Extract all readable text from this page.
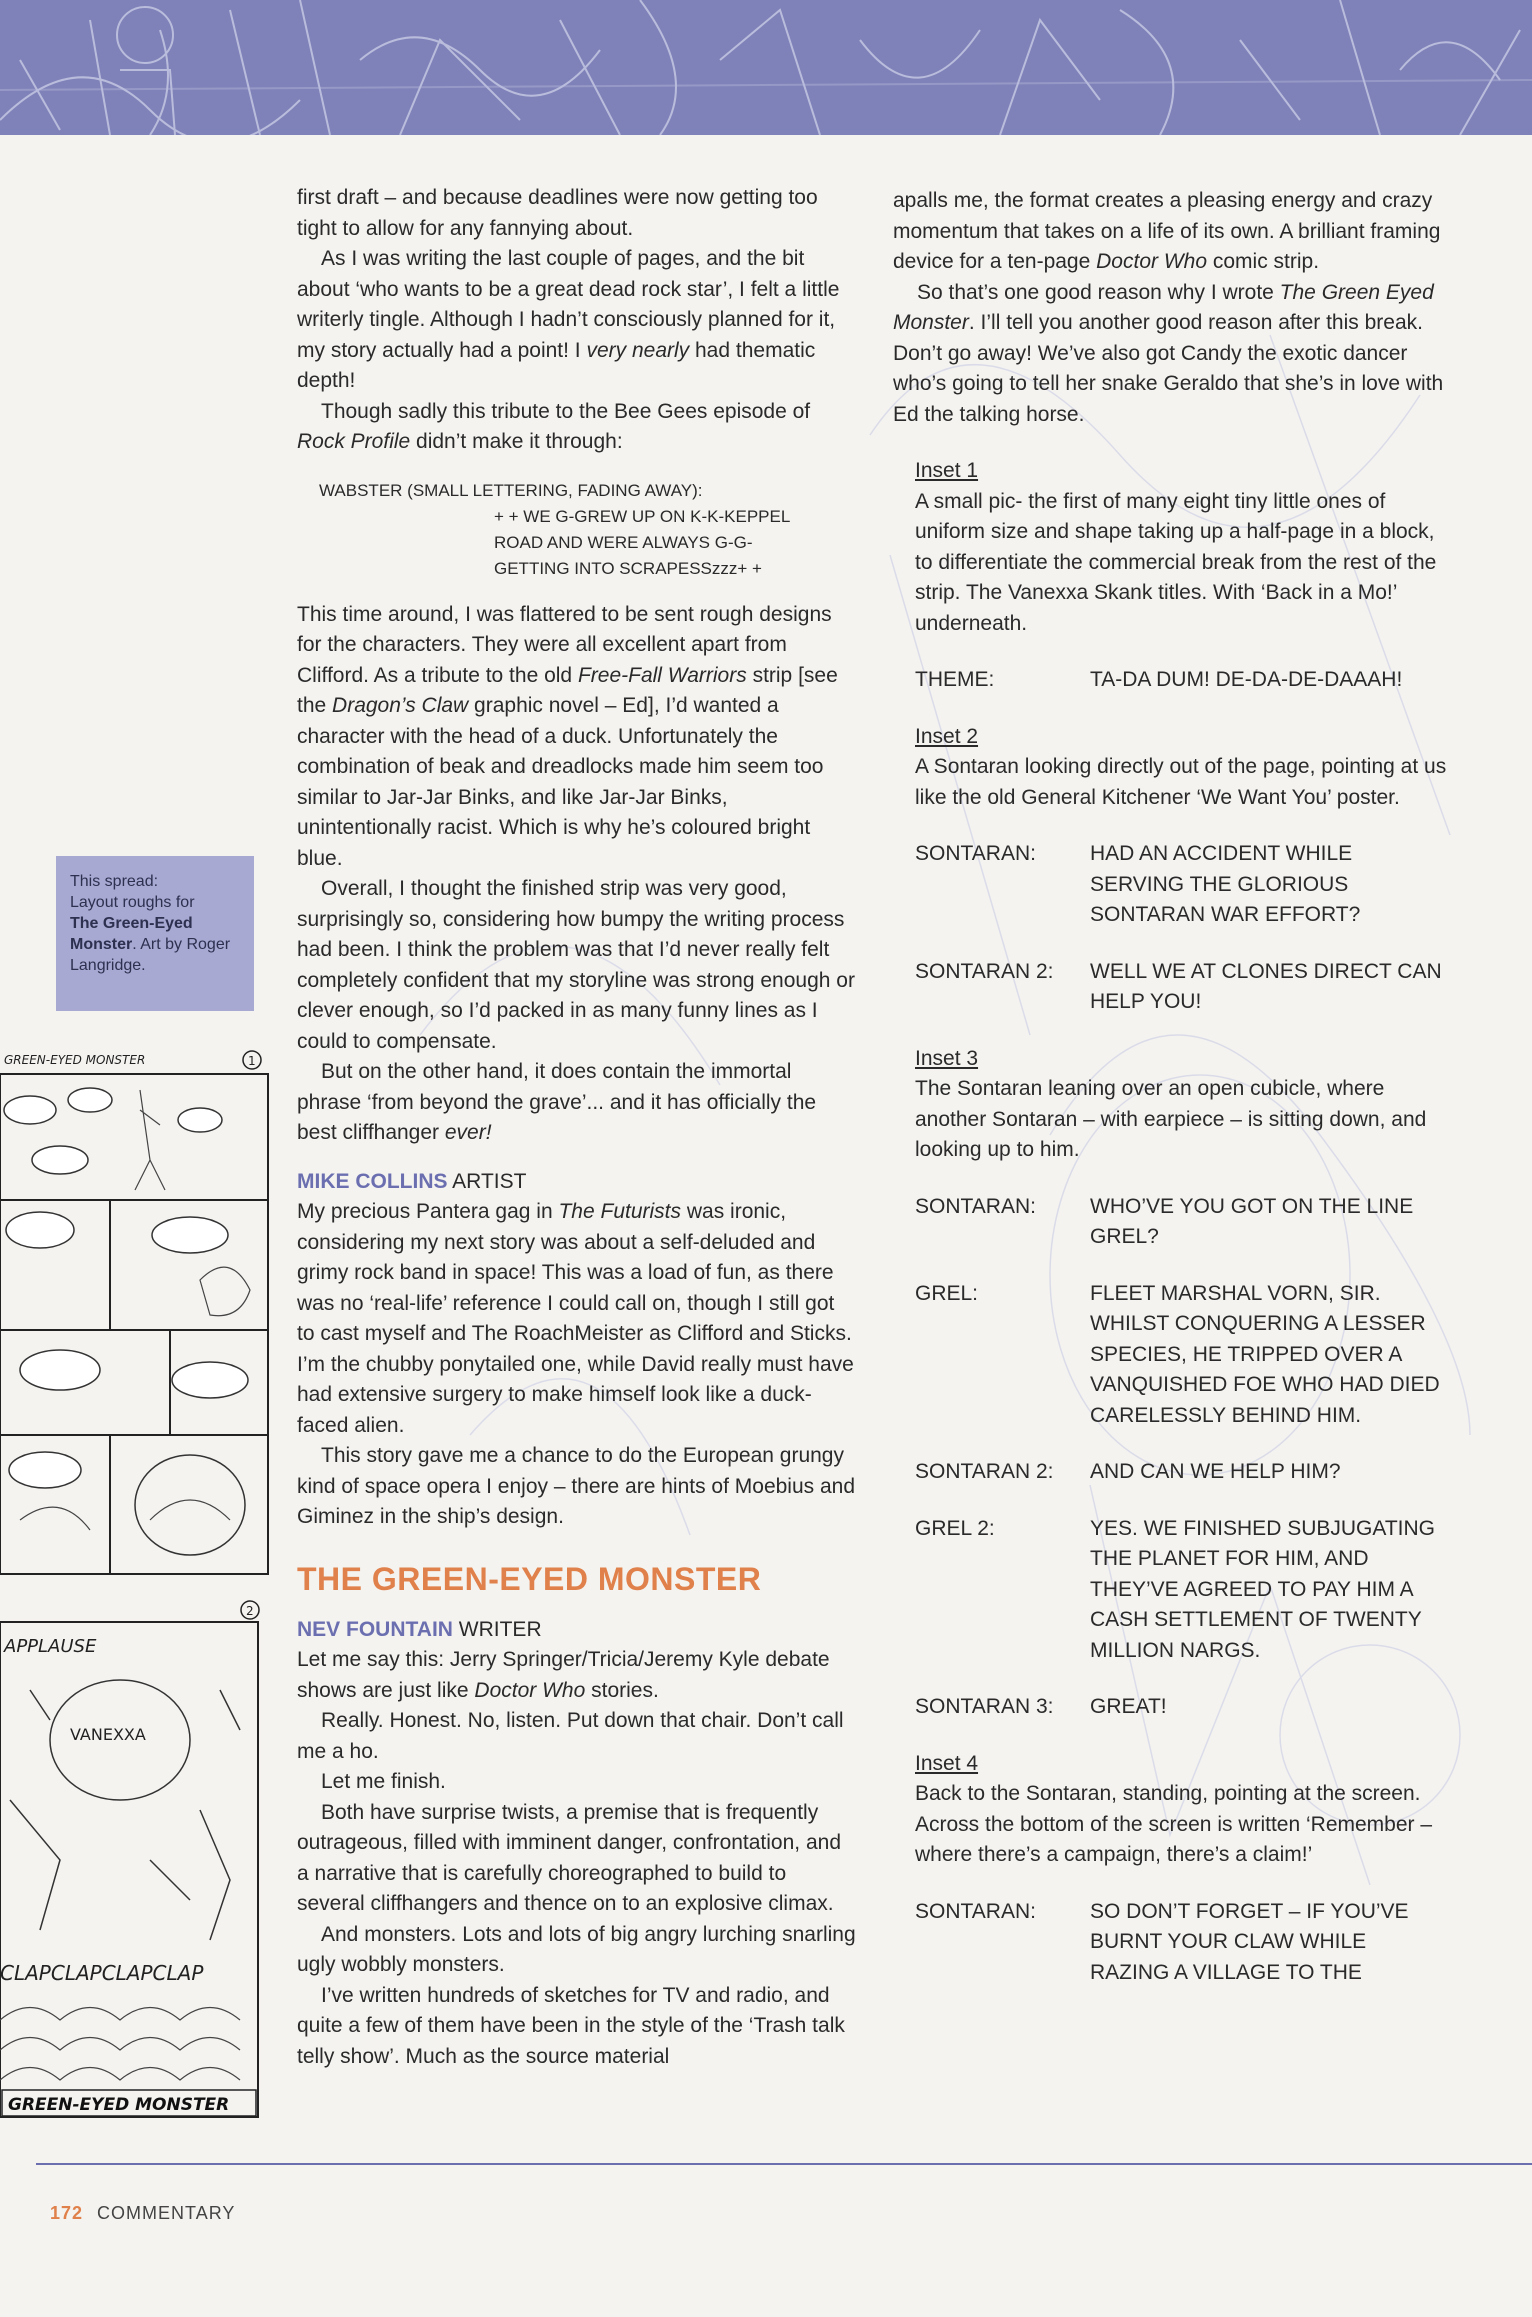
first draft – and because deadlines were now getting too tight to allow for any fannying about.

As I was writing the last couple of pages, and the bit about ‘who wants to be a great dead rock star’, I felt a little writerly tingle. Although I hadn’t consciously planned for it, my story actually had a point! I very nearly had thematic depth!

Though sadly this tribute to the Bee Gees episode of Rock Profile didn’t make it through:

WABSTER (SMALL LETTERING, FADING AWAY):
+ + WE G-GREW UP ON K-K-KEPPEL
ROAD AND WERE ALWAYS G-G-
GETTING INTO SCRAPESSzzz+ +

This time around, I was flattered to be sent rough designs for the characters. They were all excellent apart from Clifford. As a tribute to the old Free-Fall Warriors strip [see the Dragon’s Claw graphic novel – Ed], I’d wanted a character with the head of a duck. Unfortunately the combination of beak and dreadlocks made him seem too similar to Jar-Jar Binks, and like Jar-Jar Binks, unintentionally racist. Which is why he’s coloured bright blue.

Overall, I thought the finished strip was very good, surprisingly so, considering how bumpy the writing process had been. I think the problem was that I’d never really felt completely confident that my storyline was strong enough or clever enough, so I’d packed in as many funny lines as I could to compensate.

But on the other hand, it does contain the immortal phrase ‘from beyond the grave’... and it has officially the best cliffhanger ever!

MIKE COLLINS ARTIST

My precious Pantera gag in The Futurists was ironic, considering my next story was about a self-deluded and grimy rock band in space! This was a load of fun, as there was no ‘real-life’ reference I could call on, though I still got to cast myself and The RoachMeister as Clifford and Sticks. I’m the chubby ponytailed one, while David really must have had extensive surgery to make himself look like a duck-faced alien.

This story gave me a chance to do the European grungy kind of space opera I enjoy – there are hints of Moebius and Giminez in the ship’s design.

THE GREEN-EYED MONSTER

NEV FOUNTAIN WRITER

Let me say this: Jerry Springer/Tricia/Jeremy Kyle debate shows are just like Doctor Who stories.

Really. Honest. No, listen. Put down that chair. Don’t call me a ho.

Let me finish.

Both have surprise twists, a premise that is frequently outrageous, filled with imminent danger, confrontation, and a narrative that is carefully choreographed to build to several cliffhangers and thence on to an explosive climax.

And monsters. Lots and lots of big angry lurching snarling ugly wobbly monsters.

I’ve written hundreds of sketches for TV and radio, and quite a few of them have been in the style of the ‘Trash talk telly show’. Much as the source material

apalls me, the format creates a pleasing energy and crazy momentum that takes on a life of its own. A brilliant framing device for a ten-page Doctor Who comic strip.

So that’s one good reason why I wrote The Green Eyed Monster. I’ll tell you another good reason after this break. Don’t go away! We’ve also got Candy the exotic dancer who’s going to tell her snake Geraldo that she’s in love with Ed the talking horse.

Inset 1

A small pic- the first of many eight tiny little ones of uniform size and shape taking up a half-page in a block, to differentiate the commercial break from the rest of the strip. The Vanexxa Skank titles. With ‘Back in a Mo!’ underneath.

THEME:	TA-DA DUM! DE-DA-DE-DAAAH!

Inset 2

A Sontaran looking directly out of the page, pointing at us like the old General Kitchener ‘We Want You’ poster.

SONTARAN:	HAD AN ACCIDENT WHILE SERVING THE GLORIOUS SONTARAN WAR EFFORT?
SONTARAN 2:	WELL WE AT CLONES DIRECT CAN HELP YOU!

Inset 3

The Sontaran leaning over an open cubicle, where another Sontaran – with earpiece – is sitting down, and looking up to him.

SONTARAN:	WHO’VE YOU GOT ON THE LINE GREL?
GREL:	FLEET MARSHAL VORN, SIR. WHILST CONQUERING A LESSER SPECIES, HE TRIPPED OVER A VANQUISHED FOE WHO HAD DIED CARELESSLY BEHIND HIM.
SONTARAN 2:	AND CAN WE HELP HIM?
GREL 2:	YES. WE FINISHED SUBJUGATING THE PLANET FOR HIM, AND THEY’VE AGREED TO PAY HIM A CASH SETTLEMENT OF TWENTY MILLION NARGS.
SONTARAN 3:	GREAT!

Inset 4

Back to the Sontaran, standing, pointing at the screen. Across the bottom of the screen is written ‘Remember – where there’s a campaign, there’s a claim!’

SONTARAN:	SO DON’T FORGET – IF YOU’VE BURNT YOUR CLAW WHILE RAZING A VILLAGE TO THE
This spread:
Layout roughs for
The Green-Eyed Monster. Art by Roger Langridge.
GREEN-EYED MONSTER	1
2
APPLAUSE
VANEXXA
CLAPCLAPCLAPCLAP
GREEN-EYED MONSTER
172 COMMENTARY
